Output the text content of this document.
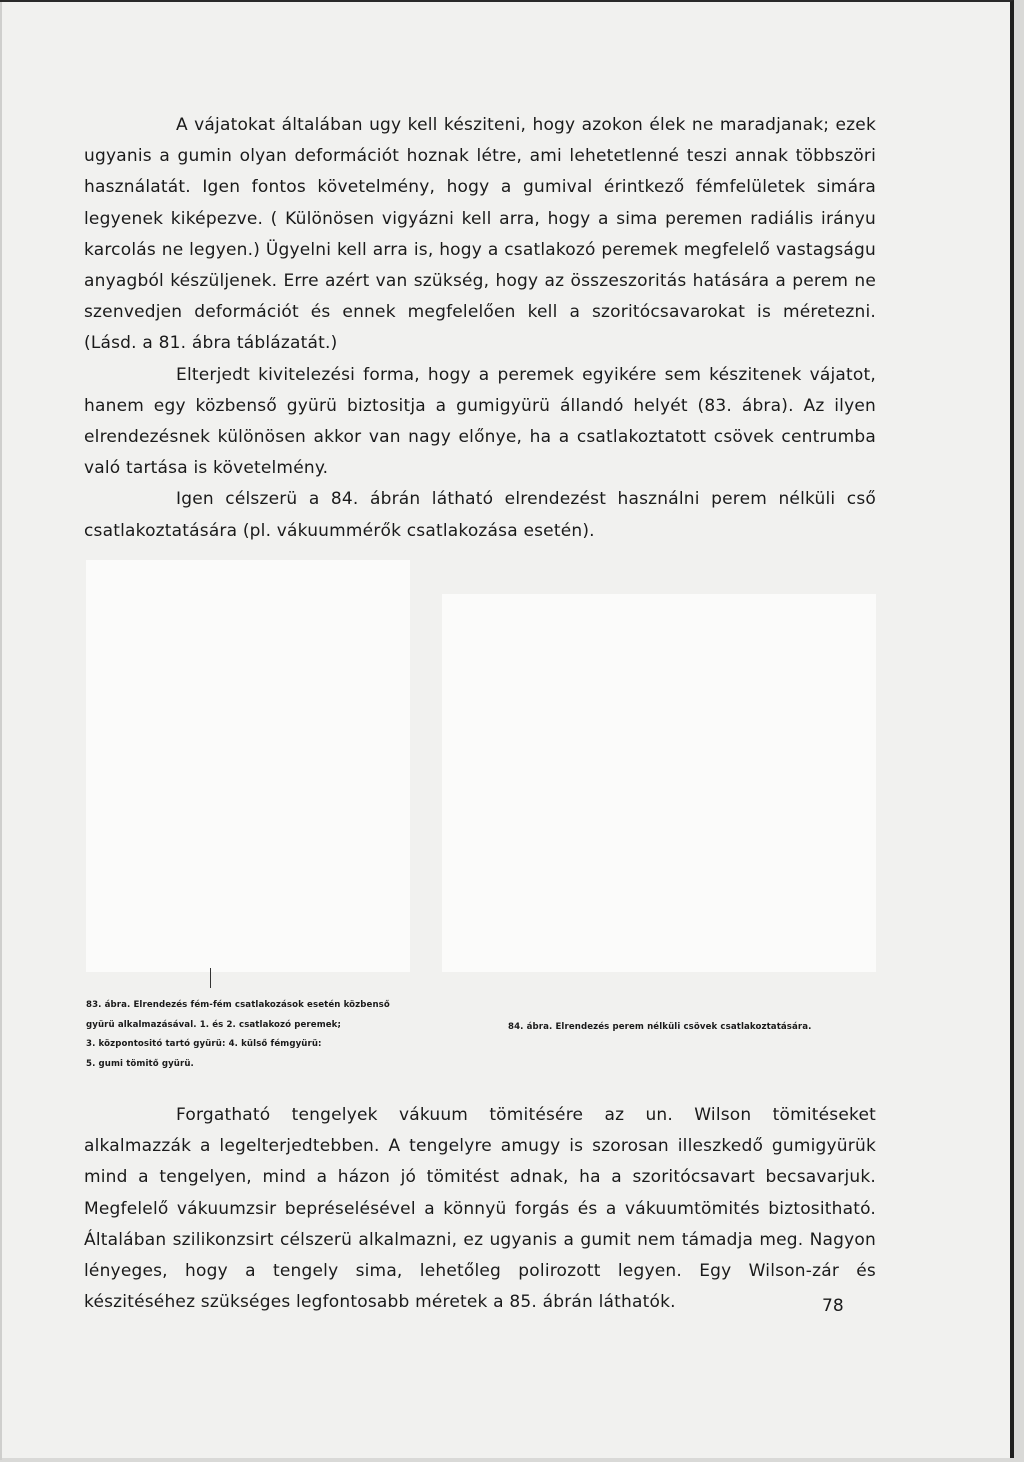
A vájatokat általában ugy kell késziteni, hogy azokon élek ne maradjanak; ezek ugyanis a gumin olyan deformációt hoznak létre, ami lehetetlenné teszi annak többszöri használatát. Igen fontos követelmény, hogy a gumival érintkező fémfelületek simára legyenek kiképezve. ( Különösen vigyázni kell arra, hogy a sima peremen radiális irányu karcolás ne legyen.) Ügyelni kell arra is, hogy a csatlakozó peremek megfelelő vastagságu anyagból készüljenek. Erre azért van szükség, hogy az összeszoritás hatására a perem ne szenvedjen deformációt és ennek megfelelően kell a szoritócsavarokat is méretezni. (Lásd. a 81. ábra táblázatát.)

Elterjedt kivitelezési forma, hogy a peremek egyikére sem készitenek vájatot, hanem egy közbenső gyürü biztositja a gumigyürü állandó helyét (83. ábra). Az ilyen elrendezésnek különösen akkor van nagy előnye, ha a csatlakoztatott csövek centrumba való tartása is követelmény.

Igen célszerü a 84. ábrán látható elrendezést használni perem nélküli cső csatlakoztatására (pl. vákuummérők csatlakozása esetén).

83. ábra. Elrendezés fém-fém csatlakozások esetén közbenső
gyürü alkalmazásával. 1. és 2. csatlakozó peremek;
3. központositó tartó gyürü: 4. külső fémgyürü:
5. gumi tömitő gyürü.
84. ábra. Elrendezés perem nélküli csövek csatlakoztatására.

Forgatható tengelyek vákuum tömitésére az un. Wilson tömitéseket alkalmazzák a legelterjedtebben. A tengelyre amugy is szorosan illeszkedő gumigyürük mind a tengelyen, mind a házon jó tömitést adnak, ha a szoritócsavart becsavarjuk. Megfelelő vákuumzsir bepréselésével a könnyü forgás és a vákuumtömités biztositható. Általában szilikonzsirt célszerü alkalmazni, ez ugyanis a gumit nem támadja meg. Nagyon lényeges, hogy a tengely sima, lehetőleg polirozott legyen. Egy Wilson-zár és készitéséhez szükséges legfontosabb méretek a 85. ábrán láthatók.	78
